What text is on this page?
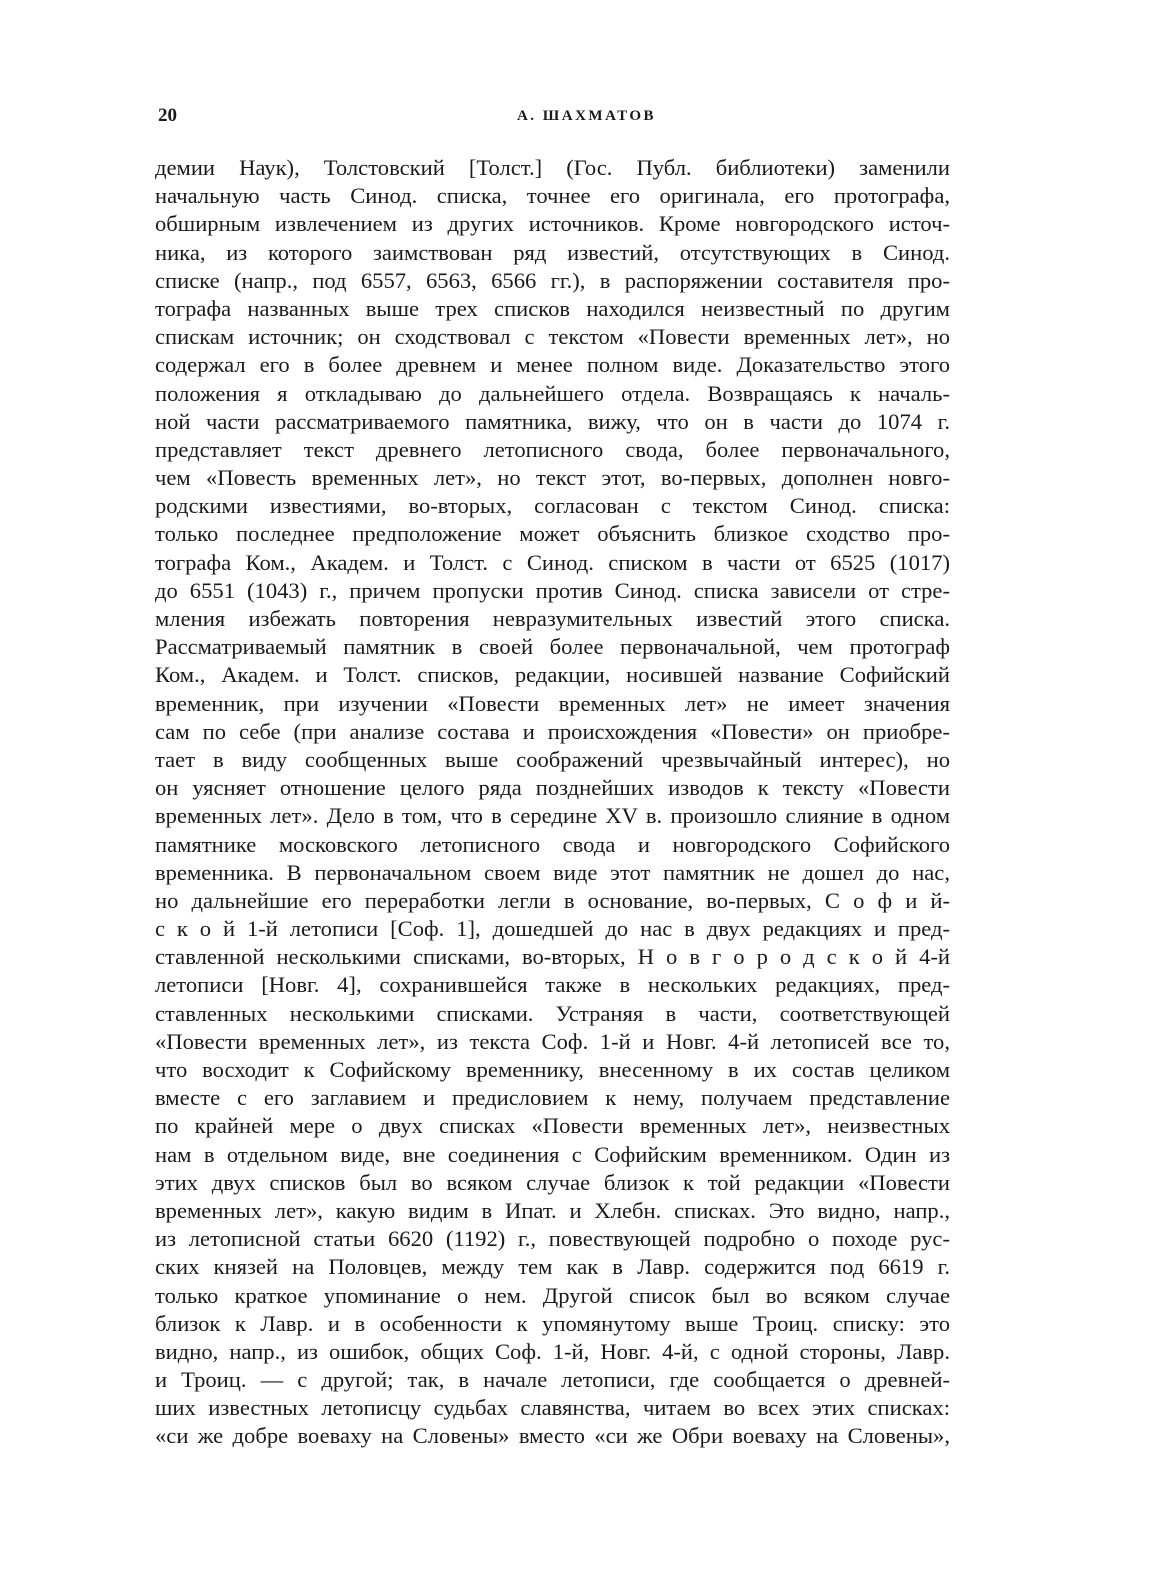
20	А. ШАХМАТОВ
демии Наук), Толстовский [Толст.] (Гос. Публ. библиотеки) заменили
начальную часть Синод. списка, точнее его оригинала, его протографа,
обширным извлечением из других источников. Кроме новгородского источ-
ника, из которого заимствован ряд известий, отсутствующих в Синод.
списке (напр., под 6557, 6563, 6566 гг.), в распоряжении составителя про-
тографа названных выше трех списков находился неизвестный по другим
спискам источник; он сходствовал с текстом «Повести временных лет», но
содержал его в более древнем и менее полном виде. Доказательство этого
положения я откладываю до дальнейшего отдела. Возвращаясь к началь-
ной части рассматриваемого памятника, вижу, что он в части до 1074 г.
представляет текст древнего летописного свода, более первоначального,
чем «Повесть временных лет», но текст этот, во-первых, дополнен новго-
родскими известиями, во-вторых, согласован с текстом Синод. списка:
только последнее предположение может объяснить близкое сходство про-
тографа Ком., Академ. и Толст. с Синод. списком в части от 6525 (1017)
до 6551 (1043) г., причем пропуски против Синод. списка зависели от стре-
мления избежать повторения невразумительных известий этого списка.
Рассматриваемый памятник в своей более первоначальной, чем протограф
Ком., Академ. и Толст. списков, редакции, носившей название Софийский
временник, при изучении «Повести временных лет» не имеет значения
сам по себе (при анализе состава и происхождения «Повести» он приобре-
тает в виду сообщенных выше соображений чрезвычайный интерес), но
он уясняет отношение целого ряда позднейших изводов к тексту «Повести
временных лет». Дело в том, что в середине XV в. произошло слияние в одном
памятнике московского летописного свода и новгородского Софийского
временника. В первоначальном своем виде этот памятник не дошел до нас,
но дальнейшие его переработки легли в основание, во-первых, С о ф и й-
с к о й 1-й летописи [Соф. 1], дошедшей до нас в двух редакциях и пред-
ставленной несколькими списками, во-вторых, Н о в г о р о д с к о й 4-й
летописи [Новг. 4], сохранившейся также в нескольких редакциях, пред-
ставленных несколькими списками. Устраняя в части, соответствующей
«Повести временных лет», из текста Соф. 1-й и Новг. 4-й летописей все то,
что восходит к Софийскому временнику, внесенному в их состав целиком
вместе с его заглавием и предисловием к нему, получаем представление
по крайней мере о двух списках «Повести временных лет», неизвестных
нам в отдельном виде, вне соединения с Софийским временником. Один из
этих двух списков был во всяком случае близок к той редакции «Повести
временных лет», какую видим в Ипат. и Хлебн. списках. Это видно, напр.,
из летописной статьи 6620 (1192) г., повествующей подробно о походе рус-
ских князей на Половцев, между тем как в Лавр. содержится под 6619 г.
только краткое упоминание о нем. Другой список был во всяком случае
близок к Лавр. и в особенности к упомянутому выше Троиц. списку: это
видно, напр., из ошибок, общих Соф. 1-й, Новг. 4-й, с одной стороны, Лавр.
и Троиц. — с другой; так, в начале летописи, где сообщается о древней-
ших известных летописцу судьбах славянства, читаем во всех этих списках:
«си же добре воеваху на Словены» вместо «си же Обри воеваху на Словены»,
